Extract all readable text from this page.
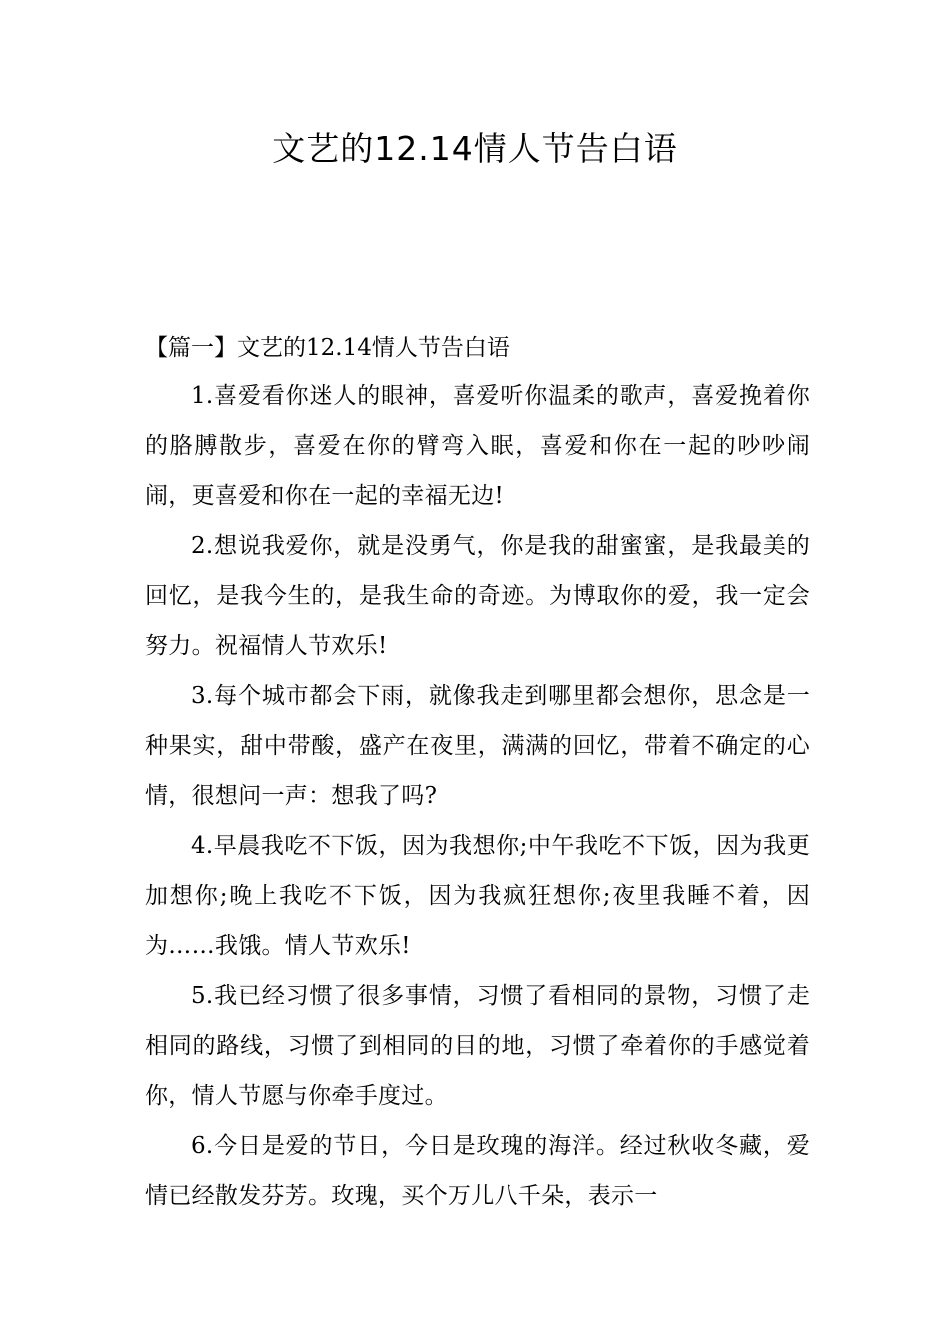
文艺的12.14情人节告白语

【篇一】文艺的12.14情人节告白语

1.喜爱看你迷人的眼神，喜爱听你温柔的歌声，喜爱挽着你的胳膊散步，喜爱在你的臂弯入眠，喜爱和你在一起的吵吵闹闹，更喜爱和你在一起的幸福无边!

2.想说我爱你，就是没勇气，你是我的甜蜜蜜，是我最美的回忆，是我今生的，是我生命的奇迹。为博取你的爱，我一定会努力。祝福情人节欢乐!

3.每个城市都会下雨，就像我走到哪里都会想你，思念是一种果实，甜中带酸，盛产在夜里，满满的回忆，带着不确定的心情，很想问一声：想我了吗?

4.早晨我吃不下饭，因为我想你;中午我吃不下饭，因为我更加想你;晚上我吃不下饭，因为我疯狂想你;夜里我睡不着，因为……我饿。情人节欢乐!

5.我已经习惯了很多事情，习惯了看相同的景物，习惯了走相同的路线，习惯了到相同的目的地，习惯了牵着你的手感觉着你，情人节愿与你牵手度过。

6.今日是爱的节日，今日是玫瑰的海洋。经过秋收冬藏，爱情已经散发芬芳。玫瑰，买个万儿八千朵，表示一
